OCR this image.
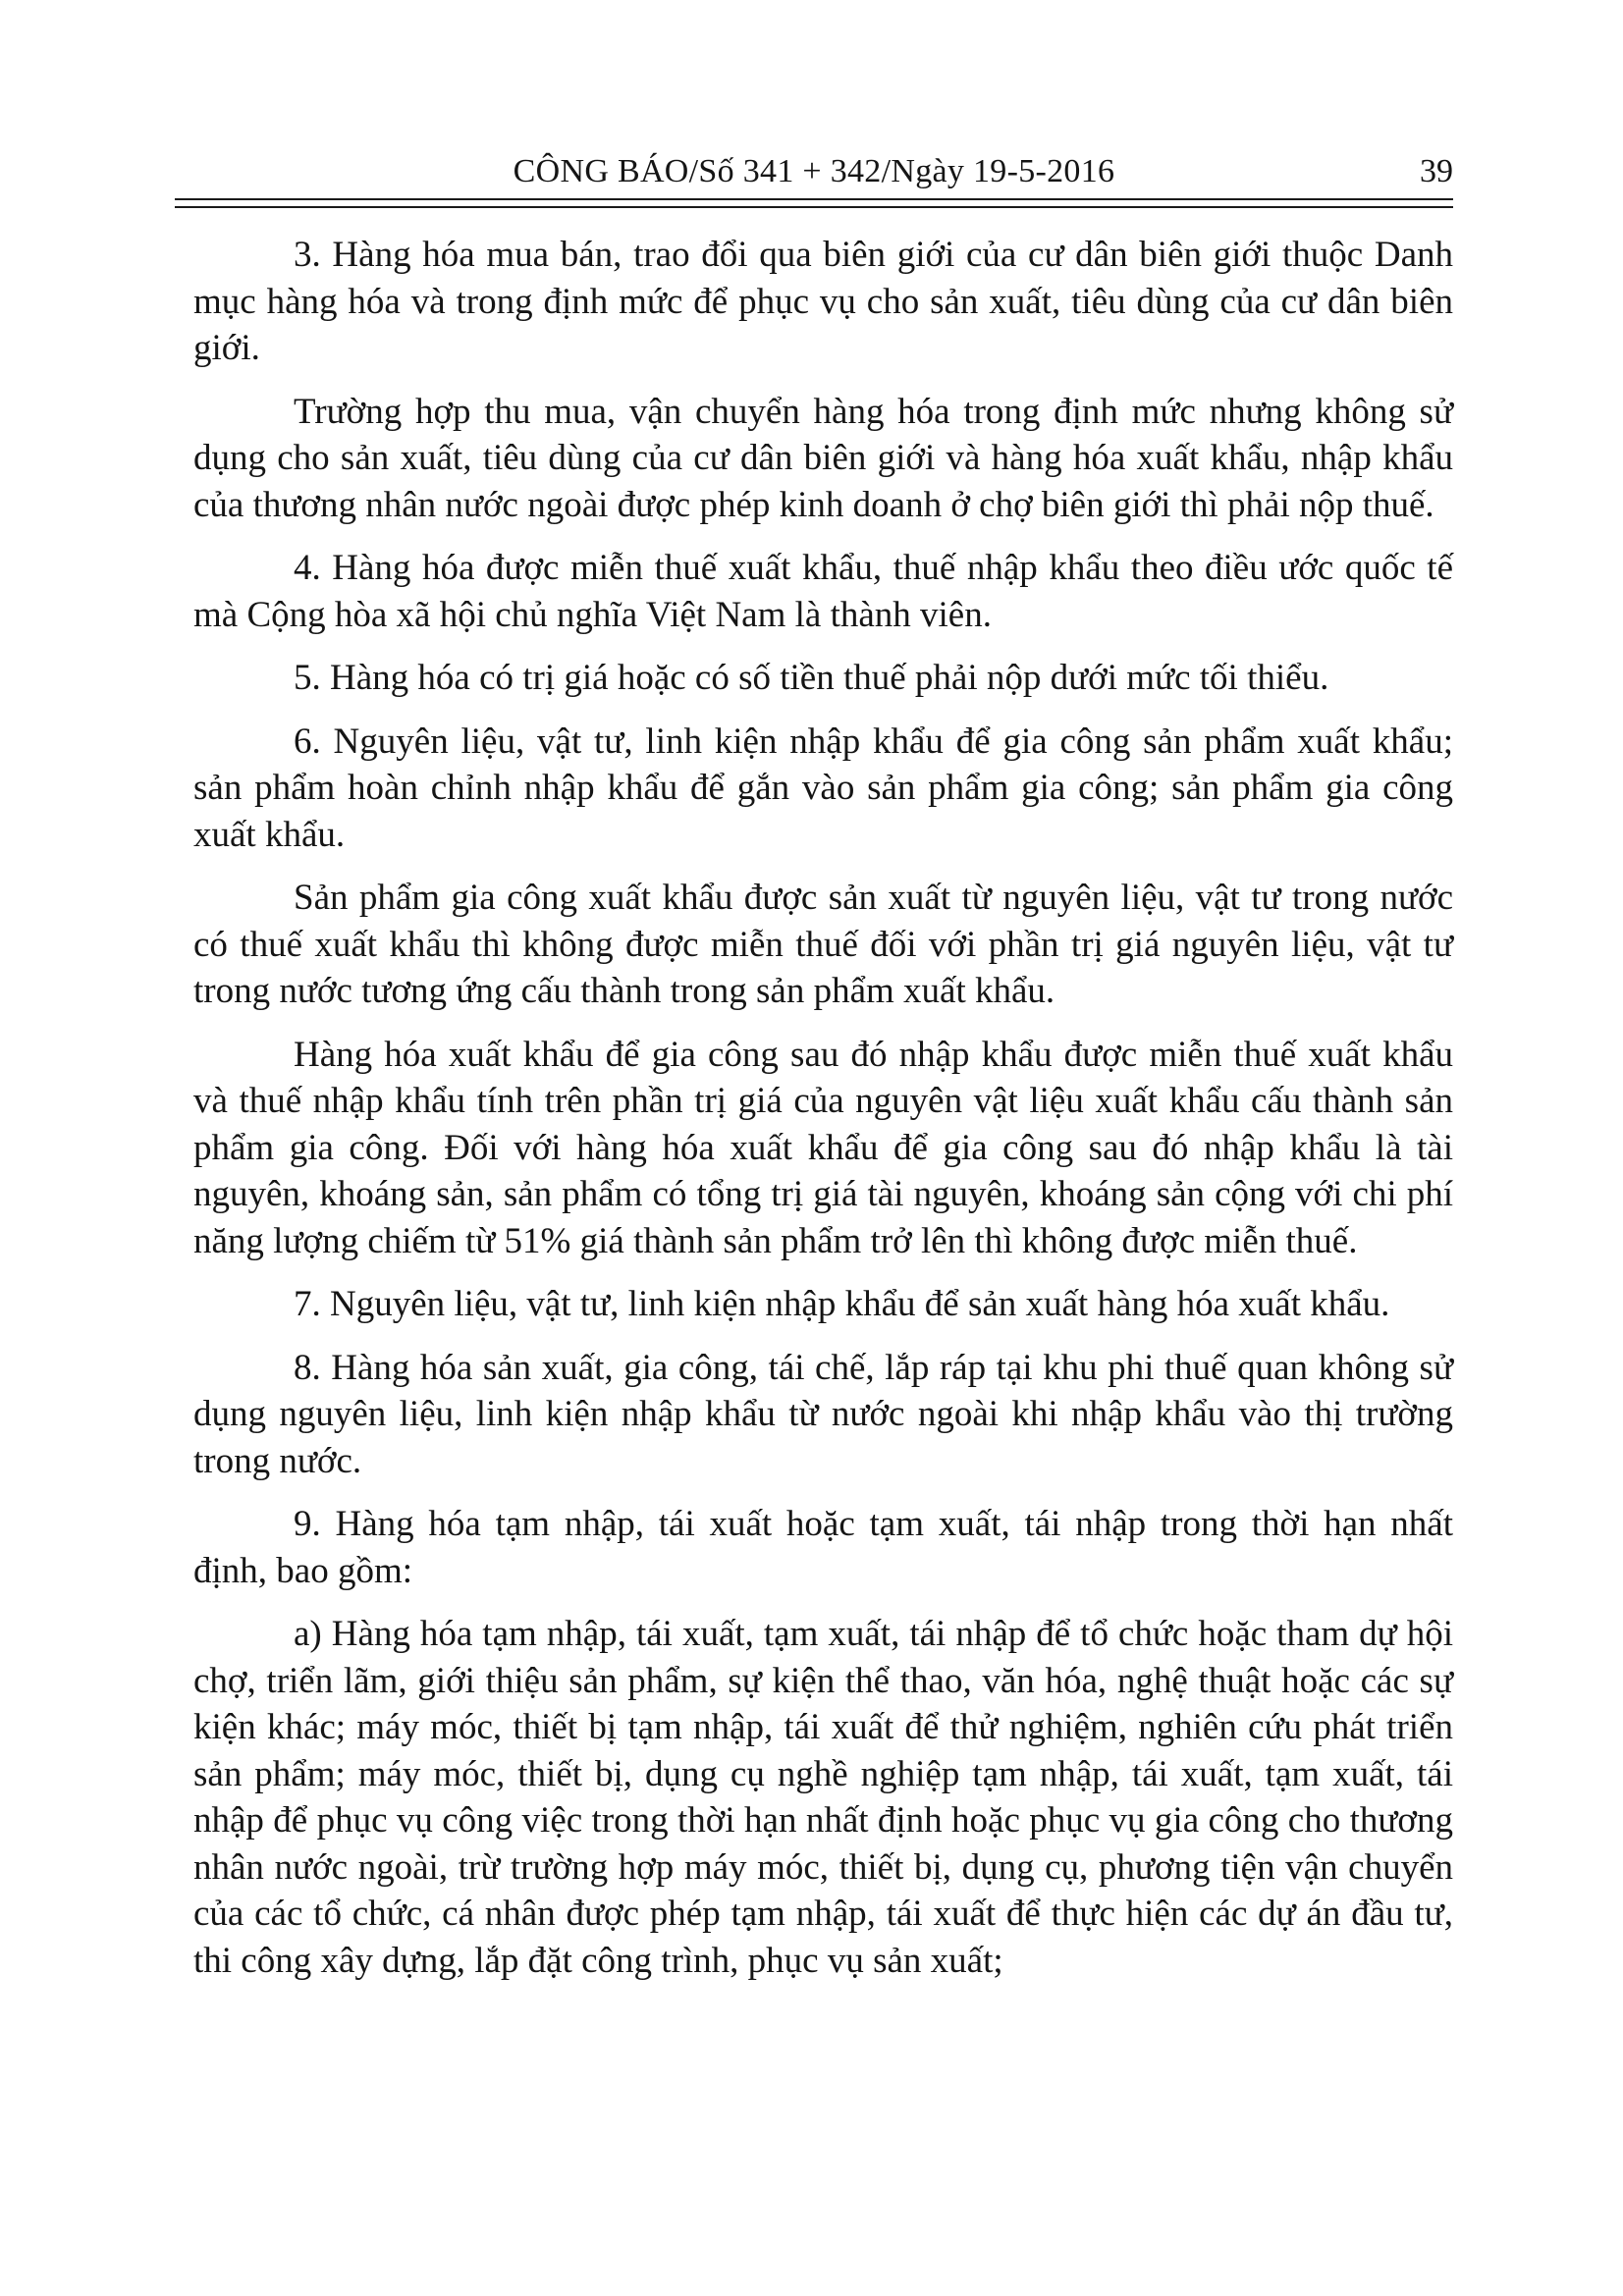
CÔNG BÁO/Số 341 + 342/Ngày 19-5-2016	39

3. Hàng hóa mua bán, trao đổi qua biên giới của cư dân biên giới thuộc Danh mục hàng hóa và trong định mức để phục vụ cho sản xuất, tiêu dùng của cư dân biên giới.

Trường hợp thu mua, vận chuyển hàng hóa trong định mức nhưng không sử dụng cho sản xuất, tiêu dùng của cư dân biên giới và hàng hóa xuất khẩu, nhập khẩu của thương nhân nước ngoài được phép kinh doanh ở chợ biên giới thì phải nộp thuế.

4. Hàng hóa được miễn thuế xuất khẩu, thuế nhập khẩu theo điều ước quốc tế mà Cộng hòa xã hội chủ nghĩa Việt Nam là thành viên.

5. Hàng hóa có trị giá hoặc có số tiền thuế phải nộp dưới mức tối thiểu.

6. Nguyên liệu, vật tư, linh kiện nhập khẩu để gia công sản phẩm xuất khẩu; sản phẩm hoàn chỉnh nhập khẩu để gắn vào sản phẩm gia công; sản phẩm gia công xuất khẩu.

Sản phẩm gia công xuất khẩu được sản xuất từ nguyên liệu, vật tư trong nước có thuế xuất khẩu thì không được miễn thuế đối với phần trị giá nguyên liệu, vật tư trong nước tương ứng cấu thành trong sản phẩm xuất khẩu.

Hàng hóa xuất khẩu để gia công sau đó nhập khẩu được miễn thuế xuất khẩu và thuế nhập khẩu tính trên phần trị giá của nguyên vật liệu xuất khẩu cấu thành sản phẩm gia công. Đối với hàng hóa xuất khẩu để gia công sau đó nhập khẩu là tài nguyên, khoáng sản, sản phẩm có tổng trị giá tài nguyên, khoáng sản cộng với chi phí năng lượng chiếm từ 51% giá thành sản phẩm trở lên thì không được miễn thuế.

7. Nguyên liệu, vật tư, linh kiện nhập khẩu để sản xuất hàng hóa xuất khẩu.

8. Hàng hóa sản xuất, gia công, tái chế, lắp ráp tại khu phi thuế quan không sử dụng nguyên liệu, linh kiện nhập khẩu từ nước ngoài khi nhập khẩu vào thị trường trong nước.

9. Hàng hóa tạm nhập, tái xuất hoặc tạm xuất, tái nhập trong thời hạn nhất định, bao gồm:

a) Hàng hóa tạm nhập, tái xuất, tạm xuất, tái nhập để tổ chức hoặc tham dự hội chợ, triển lãm, giới thiệu sản phẩm, sự kiện thể thao, văn hóa, nghệ thuật hoặc các sự kiện khác; máy móc, thiết bị tạm nhập, tái xuất để thử nghiệm, nghiên cứu phát triển sản phẩm; máy móc, thiết bị, dụng cụ nghề nghiệp tạm nhập, tái xuất, tạm xuất, tái nhập để phục vụ công việc trong thời hạn nhất định hoặc phục vụ gia công cho thương nhân nước ngoài, trừ trường hợp máy móc, thiết bị, dụng cụ, phương tiện vận chuyển của các tổ chức, cá nhân được phép tạm nhập, tái xuất để thực hiện các dự án đầu tư, thi công xây dựng, lắp đặt công trình, phục vụ sản xuất;
